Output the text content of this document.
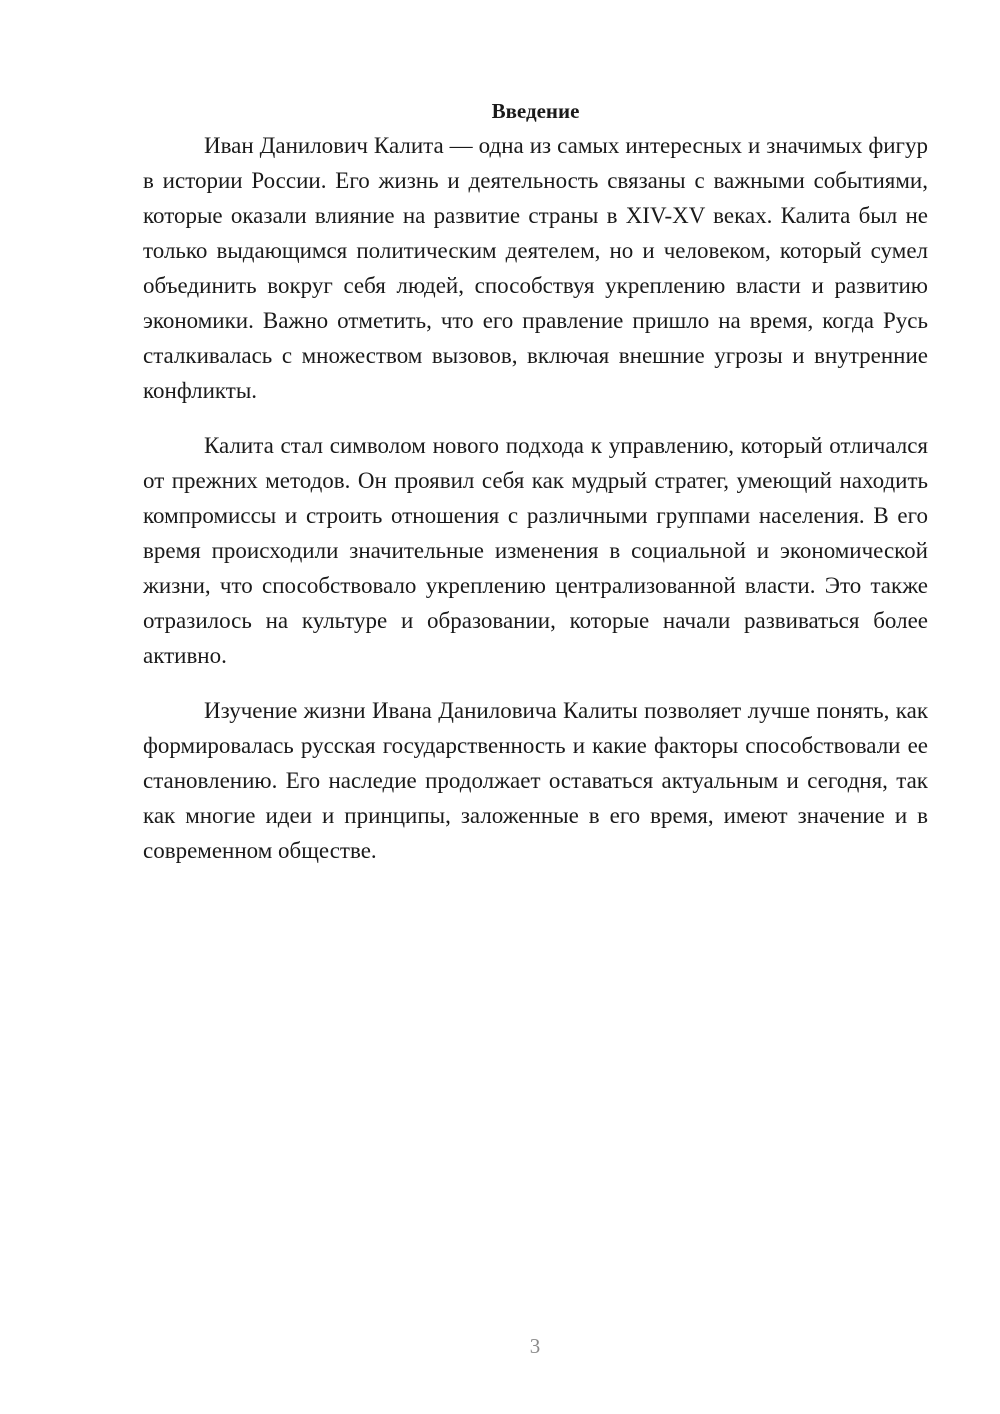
Введение

Иван Данилович Калита — одна из самых интересных и значимых фигур в истории России. Его жизнь и деятельность связаны с важными событиями, которые оказали влияние на развитие страны в XIV-XV веках. Калита был не только выдающимся политическим деятелем, но и человеком, который сумел объединить вокруг себя людей, способствуя укреплению власти и развитию экономики. Важно отметить, что его правление пришло на время, когда Русь сталкивалась с множеством вызовов, включая внешние угрозы и внутренние конфликты.

Калита стал символом нового подхода к управлению, который отличался от прежних методов. Он проявил себя как мудрый стратег, умеющий находить компромиссы и строить отношения с различными группами населения. В его время происходили значительные изменения в социальной и экономической жизни, что способствовало укреплению централизованной власти. Это также отразилось на культуре и образовании, которые начали развиваться более активно.

Изучение жизни Ивана Даниловича Калиты позволяет лучше понять, как формировалась русская государственность и какие факторы способствовали ее становлению. Его наследие продолжает оставаться актуальным и сегодня, так как многие идеи и принципы, заложенные в его время, имеют значение и в современном обществе.

3
